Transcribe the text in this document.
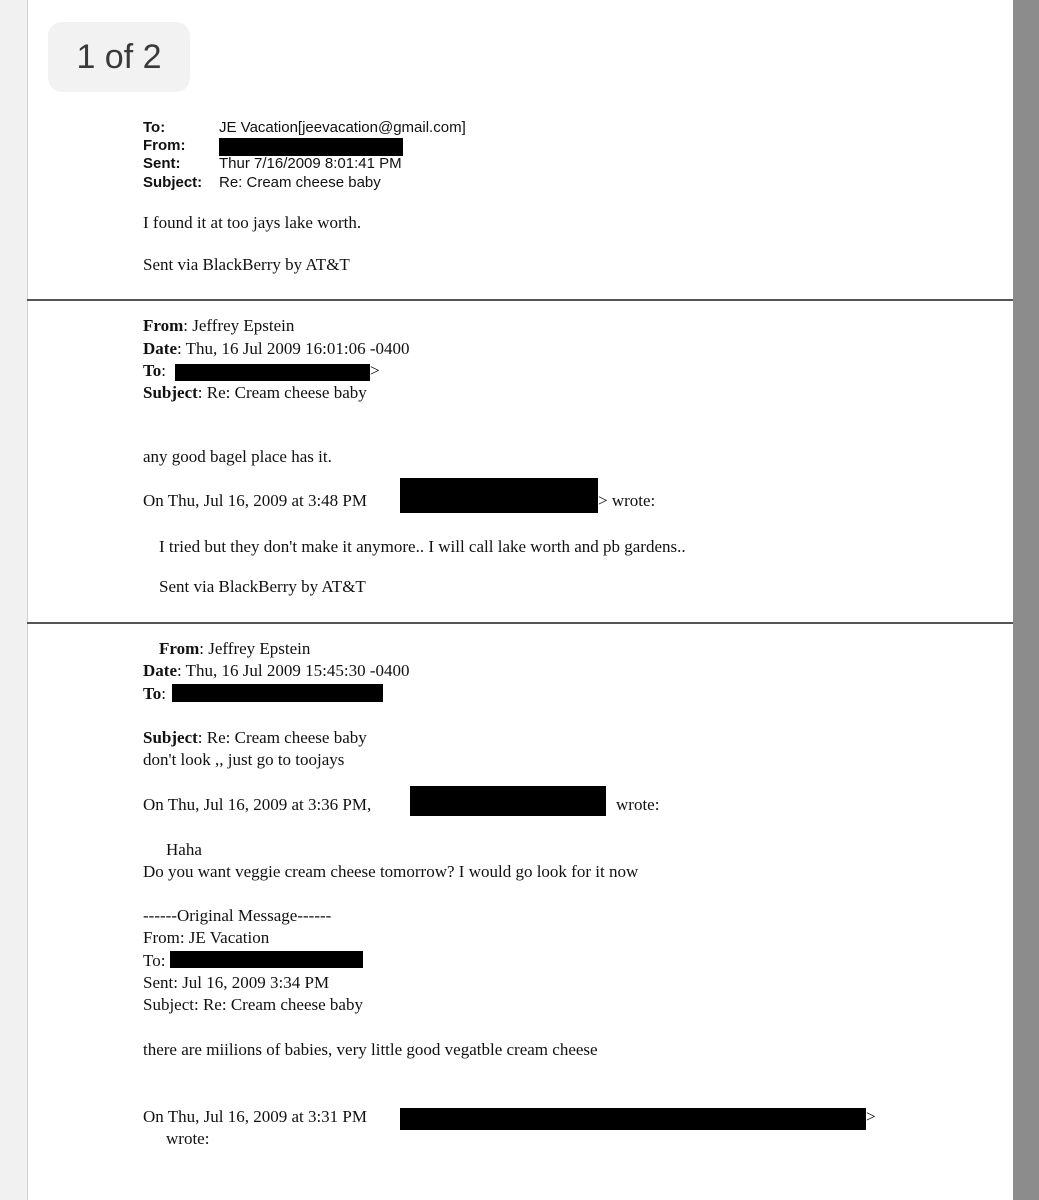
1 of 2
To:	JE Vacation[jeevacation@gmail.com]
From:
Sent:	Thur 7/16/2009 8:01:41 PM
Subject: Re: Cream cheese baby
I found it at too jays lake worth.
Sent via BlackBerry by AT&T
From: Jeffrey Epstein
Date: Thu, 16 Jul 2009 16:01:06 -0400
To:	>
Subject: Re: Cream cheese baby
any good bagel place has it.
On Thu, Jul 16, 2009 at 3:48 PM	> wrote:
I tried but they don't make it anymore.. I will call lake worth and pb gardens..
Sent via BlackBerry by AT&T
From: Jeffrey Epstein
Date: Thu, 16 Jul 2009 15:45:30 -0400
To:
Subject: Re: Cream cheese baby
don't look ,, just go to toojays
On Thu, Jul 16, 2009 at 3:36 PM,	wrote:
Haha
Do you want veggie cream cheese tomorrow? I would go look for it now
------Original Message------
From: JE Vacation
To:
Sent: Jul 16, 2009 3:34 PM
Subject: Re: Cream cheese baby
there are miilions of babies, very little good vegatble cream cheese
On Thu, Jul 16, 2009 at 3:31 PM	>
wrote:
